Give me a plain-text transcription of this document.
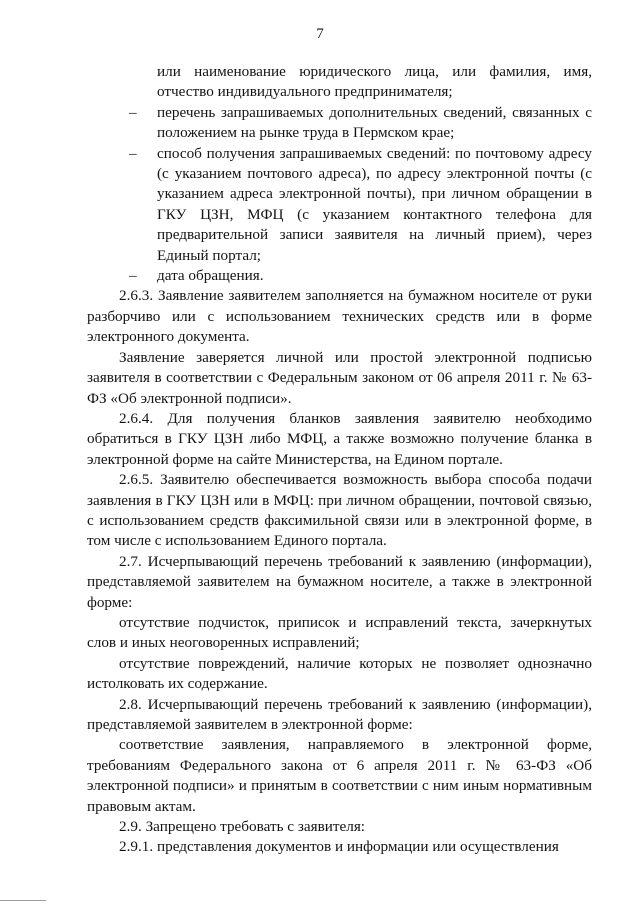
7

или наименование юридического лица, или фамилия, имя, отчество индивидуального предпринимателя;

– перечень запрашиваемых дополнительных сведений, связанных с положением на рынке труда в Пермском крае;

– способ получения запрашиваемых сведений: по почтовому адресу (с указанием почтового адреса), по адресу электронной почты (с указанием адреса электронной почты), при личном обращении в ГКУ ЦЗН, МФЦ (с указанием контактного телефона для предварительной записи заявителя на личный прием), через Единый портал;

– дата обращения.

2.6.3. Заявление заявителем заполняется на бумажном носителе от руки разборчиво или с использованием технических средств или в форме электронного документа.

Заявление заверяется личной или простой электронной подписью заявителя в соответствии с Федеральным законом от 06 апреля 2011 г. № 63-ФЗ «Об электронной подписи».

2.6.4. Для получения бланков заявления заявителю необходимо обратиться в ГКУ ЦЗН либо МФЦ, а также возможно получение бланка в электронной форме на сайте Министерства, на Едином портале.

2.6.5. Заявителю обеспечивается возможность выбора способа подачи заявления в ГКУ ЦЗН или в МФЦ: при личном обращении, почтовой связью, с использованием средств факсимильной связи или в электронной форме, в том числе с использованием Единого портала.

2.7. Исчерпывающий перечень требований к заявлению (информации), представляемой заявителем на бумажном носителе, а также в электронной форме:

отсутствие подчисток, приписок и исправлений текста, зачеркнутых слов и иных неоговоренных исправлений;

отсутствие повреждений, наличие которых не позволяет однозначно истолковать их содержание.

2.8. Исчерпывающий перечень требований к заявлению (информации), представляемой заявителем в электронной форме:

соответствие заявления, направляемого в электронной форме, требованиям Федерального закона от 6 апреля 2011 г. № 63-ФЗ «Об электронной подписи» и принятым в соответствии с ним иным нормативным правовым актам.

2.9. Запрещено требовать с заявителя:

2.9.1. представления документов и информации или осуществления
